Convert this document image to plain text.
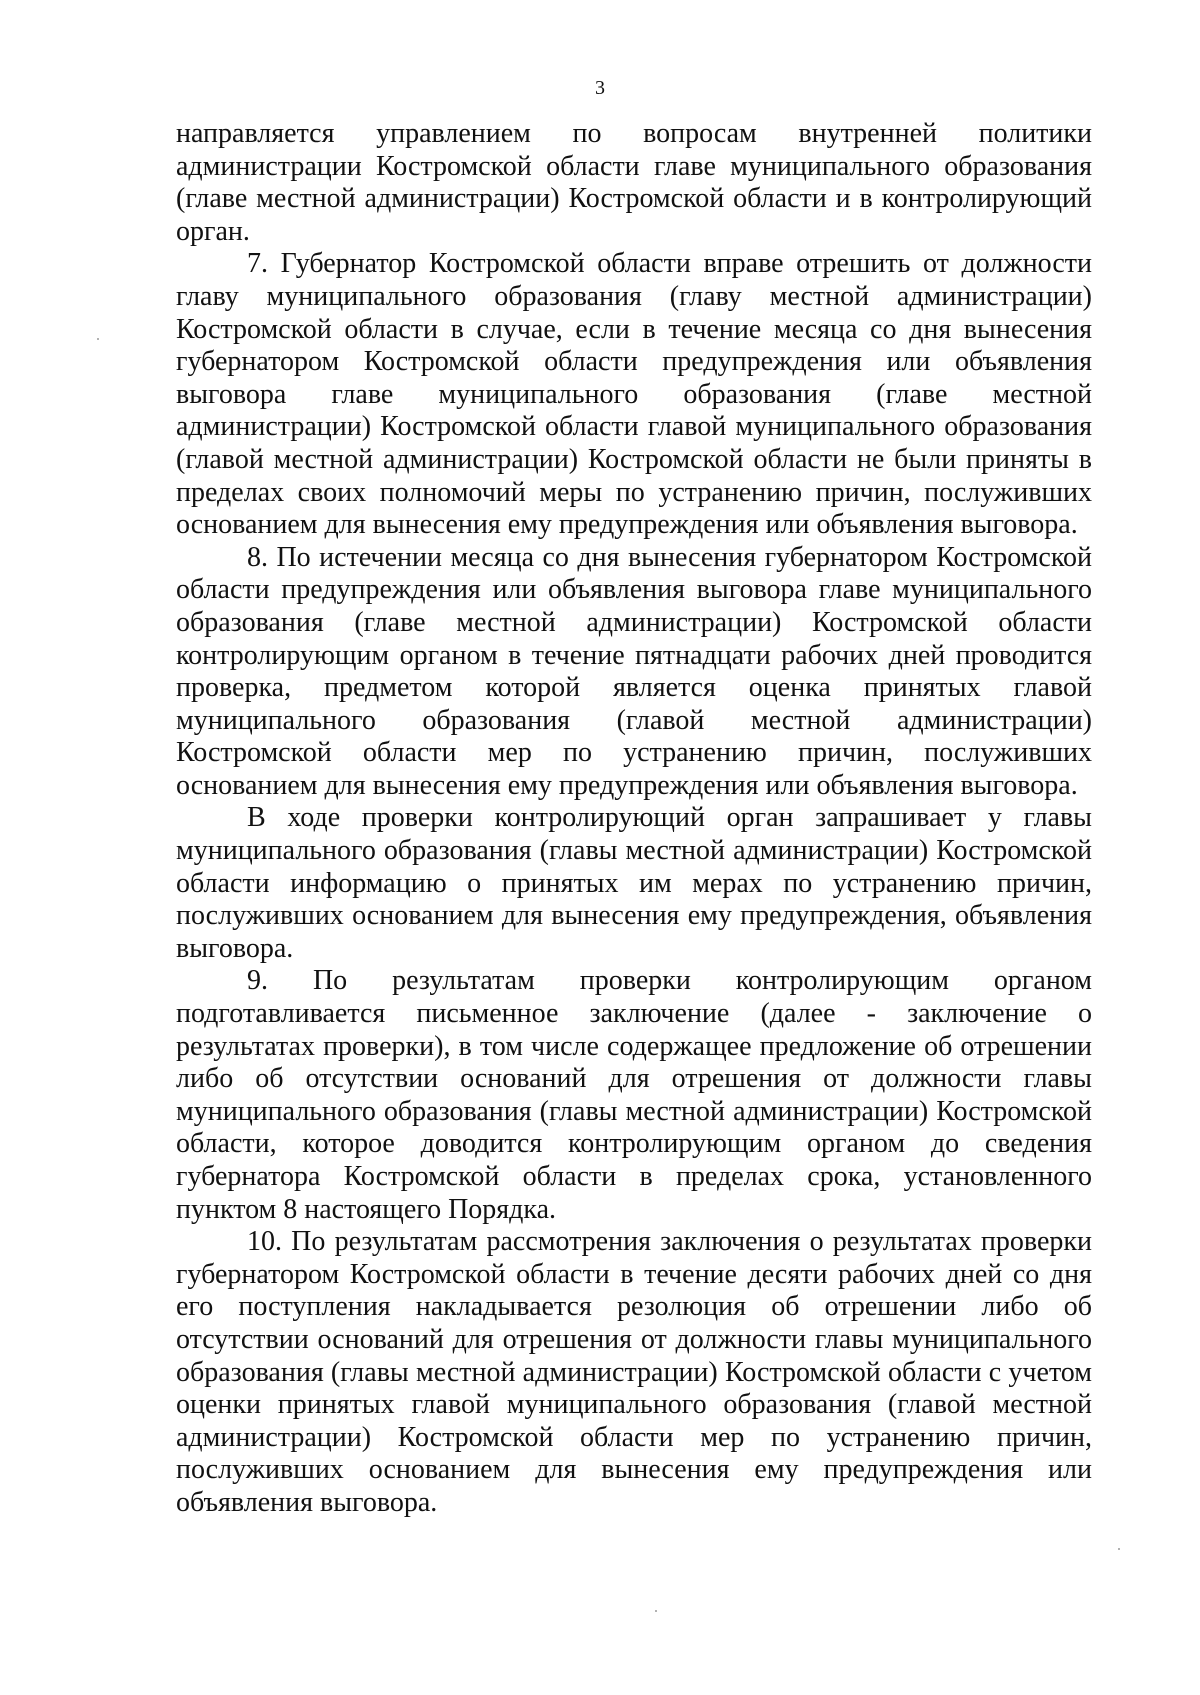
3

направляется управлением по вопросам внутренней политики администрации Костромской области главе муниципального образования (главе местной администрации) Костромской области и в контролирующий орган.

7. Губернатор Костромской области вправе отрешить от должности главу муниципального образования (главу местной администрации) Костромской области в случае, если в течение месяца со дня вынесения губернатором Костромской области предупреждения или объявления выговора главе муниципального образования (главе местной администрации) Костромской области главой муниципального образования (главой местной администрации) Костромской области не были приняты в пределах своих полномочий меры по устранению причин, послуживших основанием для вынесения ему предупреждения или объявления выговора.

8. По истечении месяца со дня вынесения губернатором Костромской области предупреждения или объявления выговора главе муниципального образования (главе местной администрации) Костромской области контролирующим органом в течение пятнадцати рабочих дней проводится проверка, предметом которой является оценка принятых главой муниципального образования (главой местной администрации) Костромской области мер по устранению причин, послуживших основанием для вынесения ему предупреждения или объявления выговора.

В ходе проверки контролирующий орган запрашивает у главы муниципального образования (главы местной администрации) Костромской области информацию о принятых им мерах по устранению причин, послуживших основанием для вынесения ему предупреждения, объявления выговора.

9. По результатам проверки контролирующим органом подготавливается письменное заключение (далее - заключение о результатах проверки), в том числе содержащее предложение об отрешении либо об отсутствии оснований для отрешения от должности главы муниципального образования (главы местной администрации) Костромской области, которое доводится контролирующим органом до сведения губернатора Костромской области в пределах срока, установленного пунктом 8 настоящего Порядка.

10. По результатам рассмотрения заключения о результатах проверки губернатором Костромской области в течение десяти рабочих дней со дня его поступления накладывается резолюция об отрешении либо об отсутствии оснований для отрешения от должности главы муниципального образования (главы местной администрации) Костромской области с учетом оценки принятых главой муниципального образования (главой местной администрации) Костромской области мер по устранению причин, послуживших основанием для вынесения ему предупреждения или объявления выговора.
